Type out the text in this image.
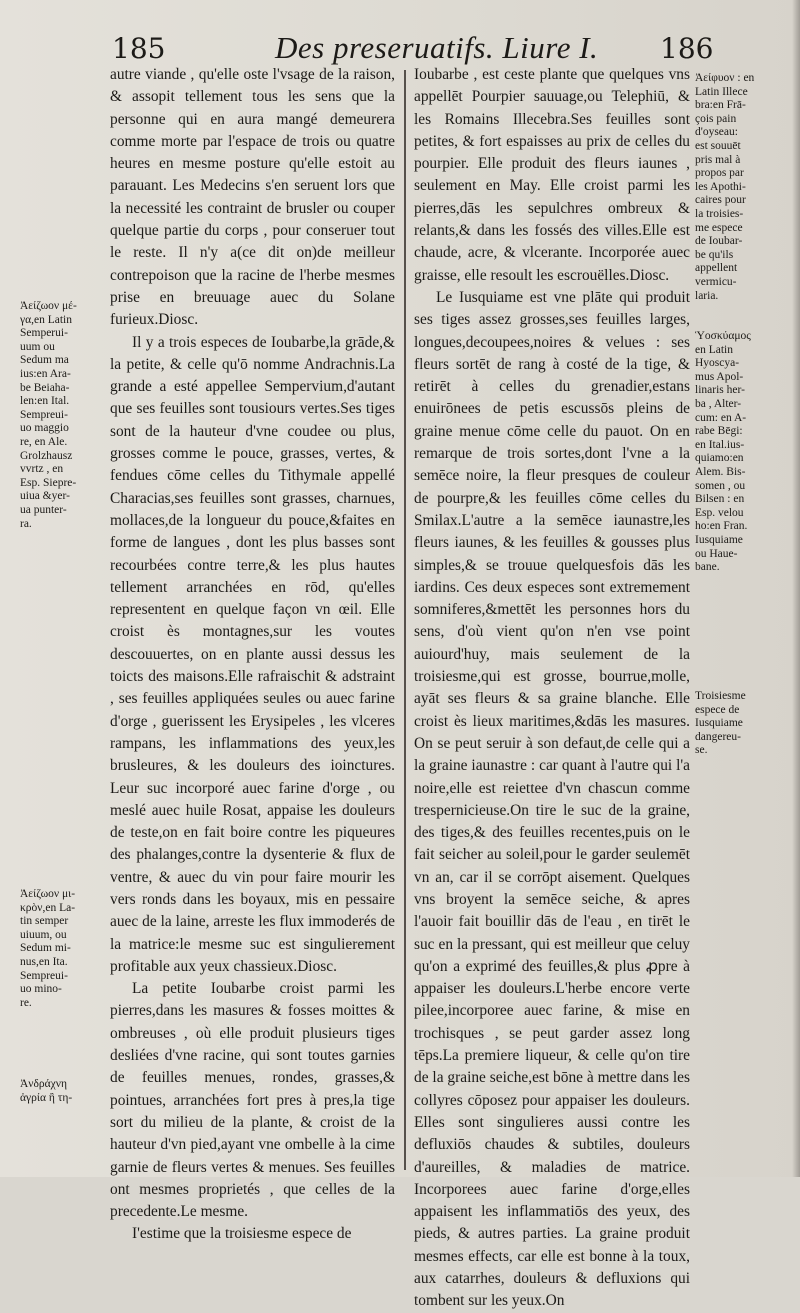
185	Des preseruatifs. Liure I. 186

autre viande , qu'elle oste l'vsage de la raison, & assopit tellement tous les sens que la personne qui en aura mangé demeurera comme morte par l'espace de trois ou quatre heures en mesme posture qu'elle estoit au parauant. Les Medecins s'en seruent lors que la necessité les contraint de brusler ou couper quelque partie du corps , pour conseruer tout le reste. Il n'y a(ce dit on)de meilleur contrepoison que la racine de l'herbe mesmes prise en breuuage auec du Solane furieux.Diosc.

Il y a trois especes de Ioubarbe,la grāde,& la petite, & celle qu'ō nomme Andrachnis.La grande a esté appellee Sempervium,d'autant que ses feuilles sont tousiours vertes.Ses tiges sont de la hauteur d'vne coudee ou plus, grosses comme le pouce, grasses, vertes, & fendues cōme celles du Tithymale appellé Characias,ses feuilles sont grasses, charnues, mollaces,de la longueur du pouce,&faites en forme de langues , dont les plus basses sont recourbées contre terre,& les plus hautes tellement arranchées en rōd, qu'elles representent en quelque façon vn œil. Elle croist ès montagnes,sur les voutes descouuertes, on en plante aussi dessus les toicts des maisons.Elle rafraischit & adstraint , ses feuilles appliquées seules ou auec farine d'orge , guerissent les Erysipeles , les vlceres rampans, les inflammations des yeux,les brusleures, & les douleurs des ioinctures. Leur suc incorporé auec farine d'orge , ou meslé auec huile Rosat, appaise les douleurs de teste,on en fait boire contre les piqueures des phalanges,contre la dysenterie & flux de ventre, & auec du vin pour faire mourir les vers ronds dans les boyaux, mis en pessaire auec de la laine, arreste les flux immoderés de la matrice:le mesme suc est singulierement profitable aux yeux chassieux.Diosc.

La petite Ioubarbe croist parmi les pierres,dans les masures & fosses moittes & ombreuses , où elle produit plusieurs tiges desliées d'vne racine, qui sont toutes garnies de feuilles menues, rondes, grasses,& pointues, arranchées fort pres à pres,la tige sort du milieu de la plante, & croist de la hauteur d'vn pied,ayant vne ombelle à la cime garnie de fleurs vertes & menues. Ses feuilles ont mesmes proprietés , que celles de la precedente.Le mesme.

I'estime que la troisiesme espece de

Ioubarbe , est ceste plante que quelques vns appellēt Pourpier sauuage,ou Telephiū, & les Romains Illecebra.Ses feuilles sont petites, & fort espaisses au prix de celles du pourpier. Elle produit des fleurs iaunes , seulement en May. Elle croist parmi les pierres,dās les sepulchres ombreux & relants,& dans les fossés des villes.Elle est chaude, acre, & vlcerante. Incorporée auec graisse, elle resoult les escrouëlles.Diosc.

Le Iusquiame est vne plāte qui produit ses tiges assez grosses,ses feuilles larges, longues,decoupees,noires & velues : ses fleurs sortēt de rang à costé de la tige, & retirēt à celles du grenadier,estans enuirōnees de petis escussōs pleins de graine menue cōme celle du pauot. On en remarque de trois sortes,dont l'vne a la semēce noire, la fleur presques de couleur de pourpre,& les feuilles cōme celles du Smilax.L'autre a la semēce iaunastre,les fleurs iaunes, & les feuilles & gousses plus simples,& se trouue quelquesfois dās les iardins. Ces deux especes sont extremement somniferes,&mettēt les personnes hors du sens, d'où vient qu'on n'en vse point auiourd'huy, mais seulement de la troisiesme,qui est grosse, bourrue,molle, ayāt ses fleurs & sa graine blanche. Elle croist ès lieux maritimes,&dās les masures. On se peut seruir à son defaut,de celle qui a la graine iaunastre : car quant à l'autre qui l'a noire,elle est reiettee d'vn chascun comme trespernicieuse.On tire le suc de la graine, des tiges,& des feuilles recentes,puis on le fait seicher au soleil,pour le garder seulemēt vn an, car il se corrōpt aisement. Quelques vns broyent la semēce seiche, & apres l'auoir fait bouillir dās de l'eau , en tirēt le suc en la pressant, qui est meilleur que celuy qu'on a exprimé des feuilles,& plus ꝓpre à appaiser les douleurs.L'herbe encore verte pilee,incorporee auec farine, & mise en trochisques , se peut garder assez long tēps.La premiere liqueur, & celle qu'on tire de la graine seiche,est bōne à mettre dans les collyres cōposez pour appaiser les douleurs. Elles sont singulieres aussi contre les defluxiōs chaudes & subtiles, douleurs d'aureilles, & maladies de matrice. Incorporees auec farine d'orge,elles appaisent les inflammatiōs des yeux, des pieds, & autres parties. La graine produit mesmes effects, car elle est bonne à la toux, aux catarrhes, douleurs & defluxions qui tombent sur les yeux.On

Ἀείζωον μέ-
γα,en Latin
Semperui-
uum ou
Sedum ma
ius:en Ara-
be Beiaha-
len:en Ital.
Sempreui-
uo maggio
re, en Ale.
Grolzhausz
vvrtz , en
Esp. Siepre-
uiua &yer-
ua punter-
ra.
Ἀείζωον μι-
κρὸν,en La-
tin semper
uiuum, ou
Sedum mi-
nus,en Ita.
Sempreui-
uo mino-
re.
Ἀνδράχνη
ἀγρία ἢ τη-
Ἀείφυον : en
Latin Illece
bra:en Frā-
çois pain
d'oyseau:
est souuēt
pris mal à
propos par
les Apothi-
caires pour
la troisies-
me espece
de Ioubar-
be qu'ils
appellent
vermicu-
laria.
Ὑοσκύαμος
en Latin
Hyoscya-
mus Apol-
linaris her-
ba , Alter-
cum: en A-
rabe Bēgi:
en Ital.ius-
quiamo:en
Alem. Bis-
somen , ou
Bilsen : en
Esp. velou
ho:en Fran.
Iusquiame
ou Haue-
bane.
Troisiesme
espece de
Iusquiame
dangereu-
se.
